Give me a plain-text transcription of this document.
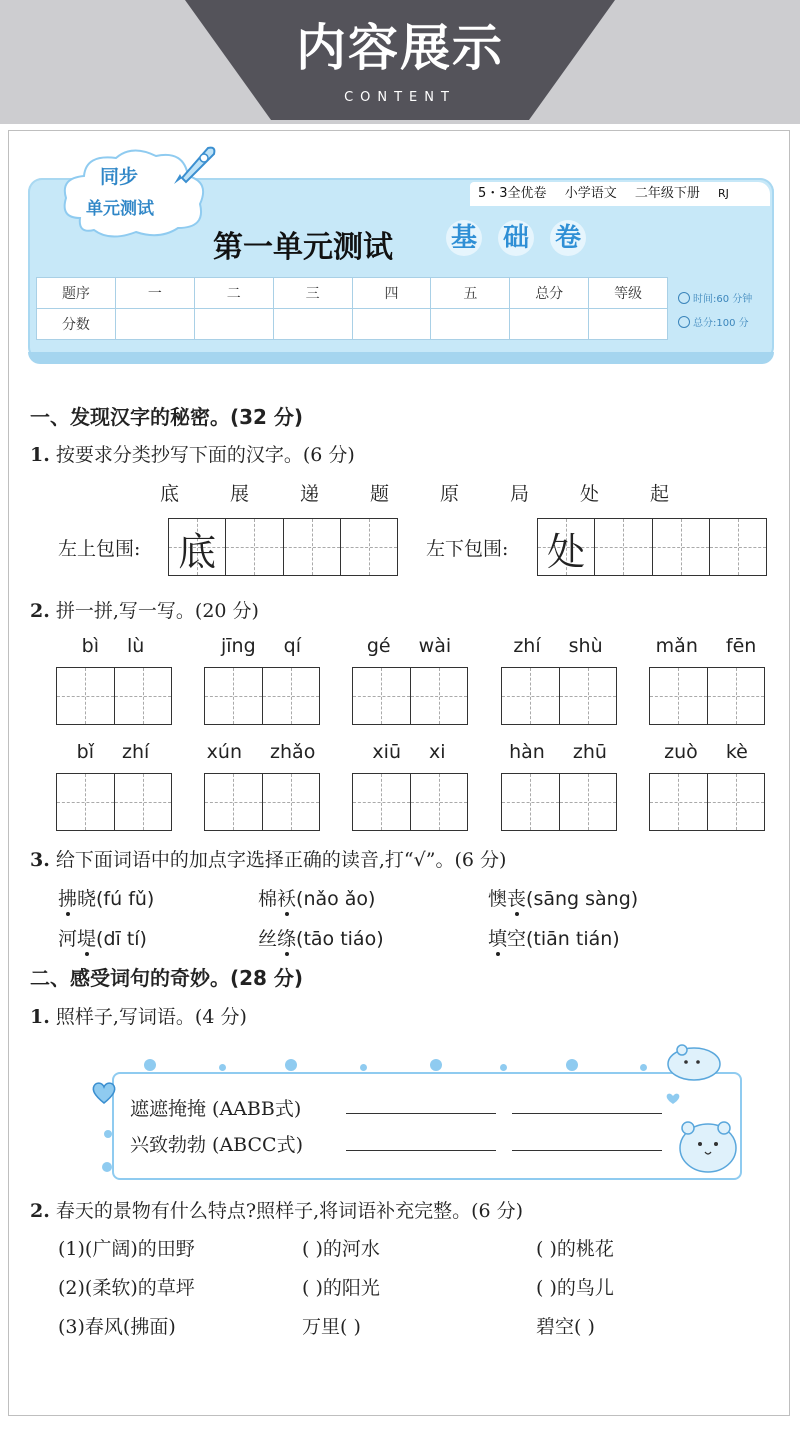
内容展示
CONTENT
同步
单元测试
5・3全优卷 小学语文 二年级下册 RJ
第一单元测试 基 础 卷
题序	一	二	三	四	五	总分	等级
分数							
时间:60 分钟
总分:100 分
一、发现汉字的秘密。(32 分)
1. 按要求分类抄写下面的汉字。(6 分)
底	展	递	题	原	局	处	起
左上包围: 底	左下包围: 处
2. 拼一拼,写一写。(20 分)
bì lù	jīng qí	gé wài	zhí shù	mǎn fēn
bǐ zhí	xún zhǎo	xiū xi	hàn zhū	zuò kè
3. 给下面词语中的加点字选择正确的读音,打“√”。(6 分)
拂晓(fú fǔ)	棉袄(nǎo ǎo)	懊丧(sāng sàng)
河堤(dī tí)	丝绦(tāo tiáo)	填空(tiān tián)
二、感受词句的奇妙。(28 分)
1. 照样子,写词语。(4 分)
遮遮掩掩 (AABB式)
兴致勃勃 (ABCC式)
2. 春天的景物有什么特点?照样子,将词语补充完整。(6 分)
(1)(广阔)的田野	( )的河水	( )的桃花
(2)(柔软)的草坪	( )的阳光	( )的鸟儿
(3)春风(拂面)	万里( )	碧空( )
